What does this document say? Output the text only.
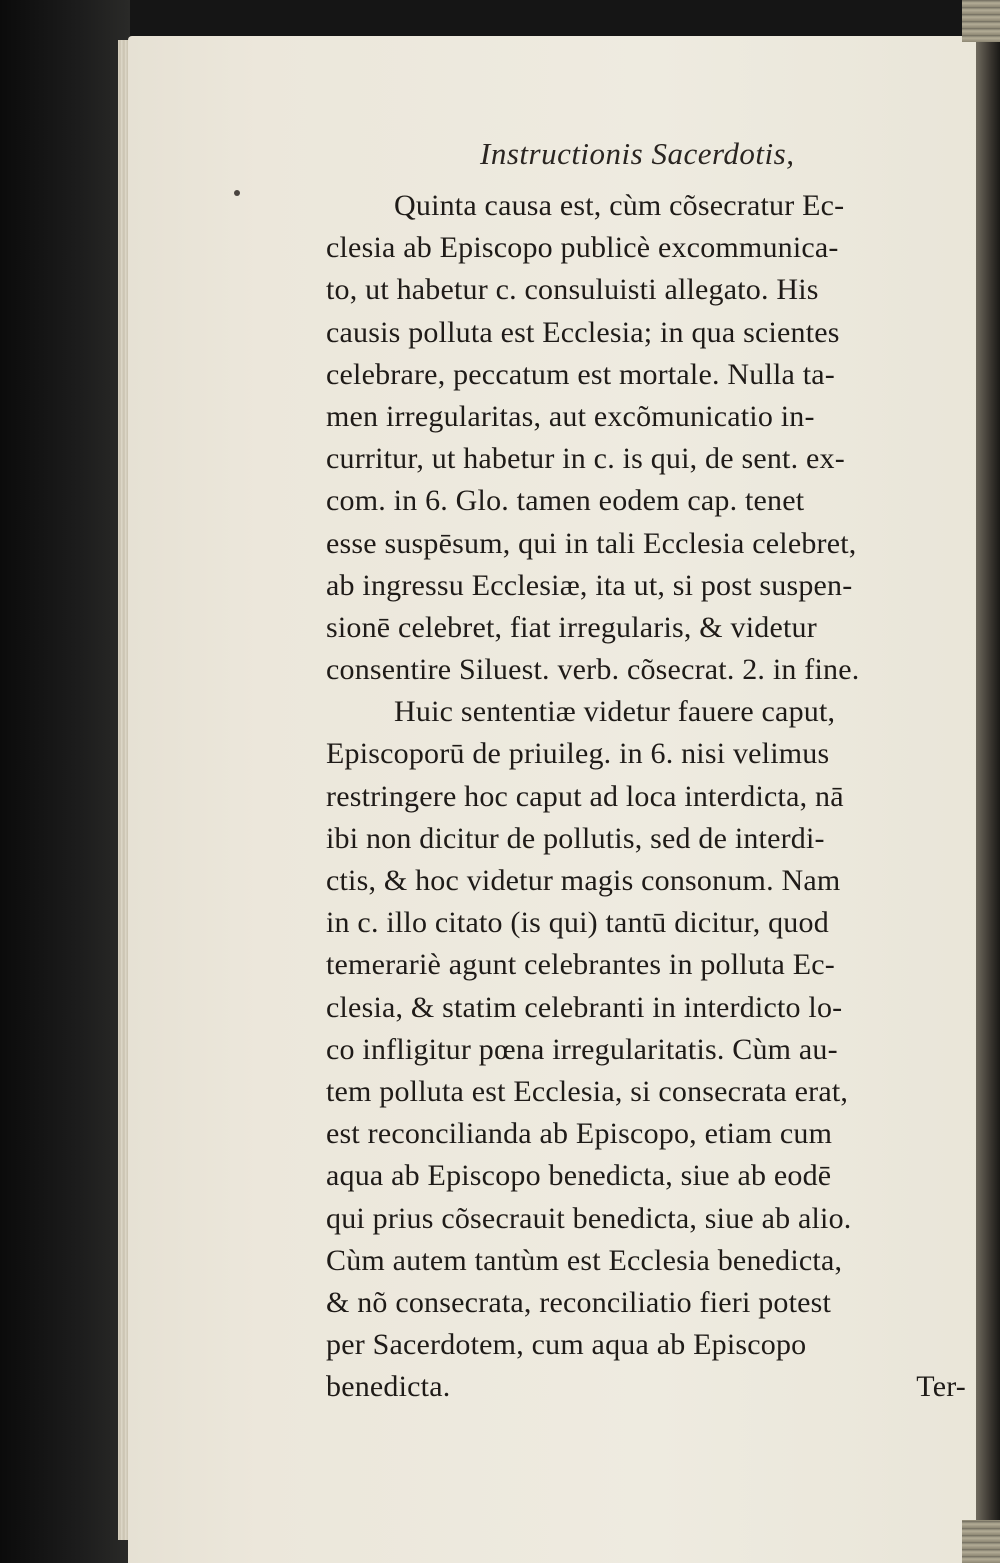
Instructionis Sacerdotis,
Quinta causa est, cùm cõsecratur Ec-
clesia ab Episcopo publicè excommunica-
to, ut habetur c. consuluisti allegato. His
causis polluta est Ecclesia; in qua scientes
celebrare, peccatum est mortale. Nulla ta-
men irregularitas, aut excõmunicatio in-
curritur, ut habetur in c. is qui, de sent. ex-
com. in 6. Glo. tamen eodem cap. tenet
esse suspēsum, qui in tali Ecclesia celebret,
ab ingressu Ecclesiæ, ita ut, si post suspen-
sionē celebret, fiat irregularis, & videtur
consentire Siluest. verb. cõsecrat. 2. in fine.
Huic sententiæ videtur fauere caput,
Episcoporū de priuileg. in 6. nisi velimus
restringere hoc caput ad loca interdicta, nā
ibi non dicitur de pollutis, sed de interdi-
ctis, & hoc videtur magis consonum. Nam
in c. illo citato (is qui) tantū dicitur, quod
temerariè agunt celebrantes in polluta Ec-
clesia, & statim celebranti in interdicto lo-
co infligitur pœna irregularitatis. Cùm au-
tem polluta est Ecclesia, si consecrata erat,
est reconcilianda ab Episcopo, etiam cum
aqua ab Episcopo benedicta, siue ab eodē
qui prius cõsecrauit benedicta, siue ab alio.
Cùm autem tantùm est Ecclesia benedicta,
& nõ consecrata, reconciliatio fieri potest
per Sacerdotem, cum aqua ab Episcopo
benedicta.	Ter-
